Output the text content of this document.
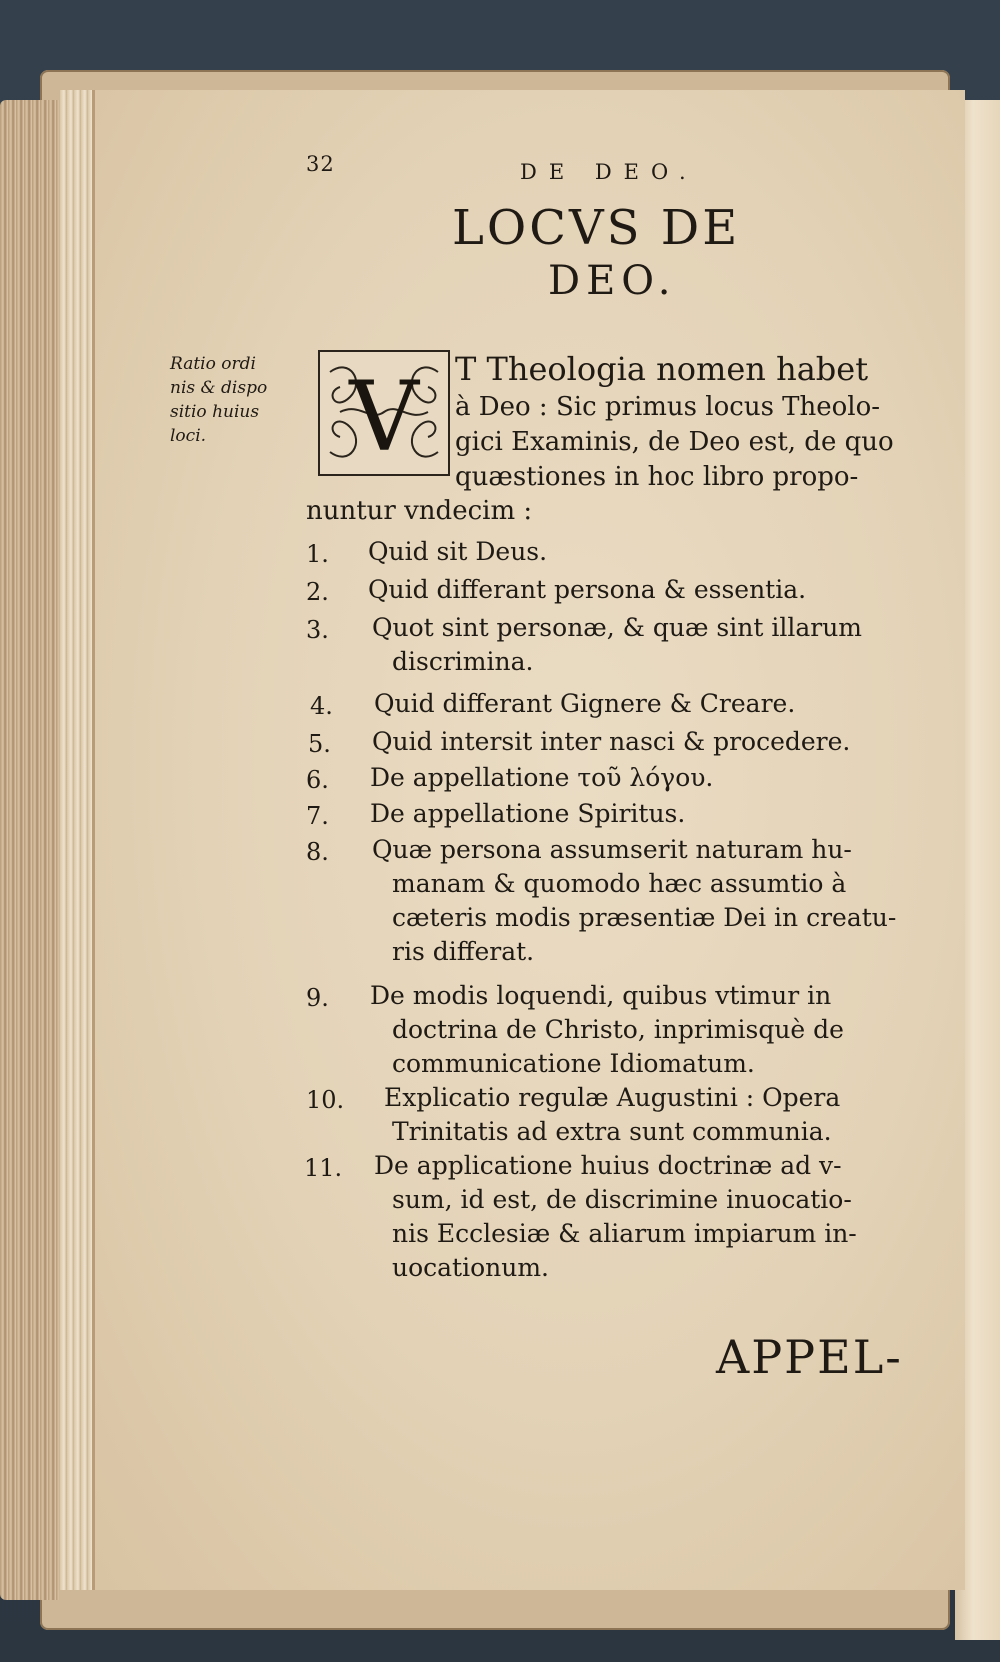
32	DE DEO.
LOCVS DE
DEO.
Ratio ordi
nis & dispo
sitio huius
loci.	V T Theologia nomen habet
à Deo : Sic primus locus Theolo-
gici Examinis, de Deo est, de quo
quæstiones in hoc libro propo-
nuntur vndecim :
1. Quid sit Deus.
2. Quid differant persona & essentia.
3. Quot sint personæ, & quæ sint illarum
discrimina.
4. Quid differant Gignere & Creare.
5. Quid intersit inter nasci & procedere.
6. De appellatione τοῦ λόγου.
7. De appellatione Spiritus.
8. Quæ persona assumserit naturam hu-
manam & quomodo hæc assumtio à
cæteris modis præsentiæ Dei in creatu-
ris differat.
9. De modis loquendi, quibus vtimur in
doctrina de Christo, inprimisquè de
communicatione Idiomatum.
10. Explicatio regulæ Augustini : Opera
Trinitatis ad extra sunt communia.
11. De applicatione huius doctrinæ ad v-
sum, id est, de discrimine inuocatio-
nis Ecclesiæ & aliarum impiarum in-
uocationum.
APPEL-
